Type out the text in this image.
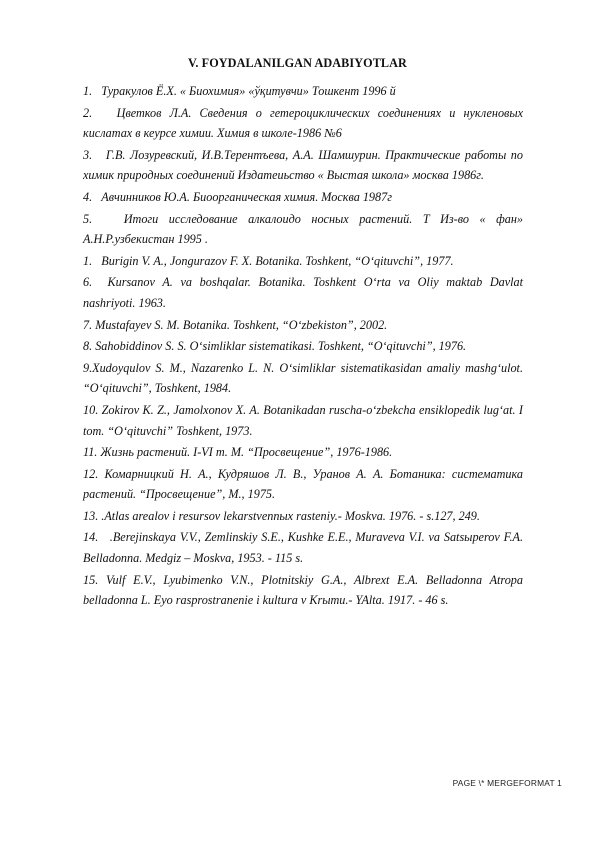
V. FOYDALANILGAN ADABIYOTLAR
1.   Туракулов Ё.Х. « Биохимия» «ўқитувчи» Тошкент 1996 й
2.   Цветков Л.А. Сведения о гетероциклических соединениях и нукленовых кислатах в кеурсе химии. Химия в школе-1986 №6
3.   Г.В. Лозуревский, И.В.Терентъева, А.А. Шамшурин. Практические работы по химик природных соединений Издатеиьство « Выстая школа» москва 1986г.
4.   Авчинников Ю.А. Биоорганическая химия. Москва 1987г
5.   Итоги исследование алкалоидо носных растений. Т Из-во « фан» А.Н.Р.узбекистан 1995 .
1.   Burigin V. A., Jongurazov F. X. Botanika. Toshkent, “O‘qituvchi”, 1977.
6.  Kursanov A. va boshqalar. Botanika. Toshkent O‘rta va Oliy maktab Davlat nashriyoti. 1963.
7. Mustafayev S. M. Botanika. Toshkent, “O‘zbekiston”, 2002.
8. Sahobiddinov S. S. O‘simliklar sistematikasi. Toshkent, “O‘qituvchi”, 1976.
9.Xudoyqulov S. M., Nazarenko L. N. O‘simliklar sistematikasidan amaliy mashg‘ulot. “O‘qituvchi”, Toshkent, 1984.
10. Zokirov K. Z., Jamolxonov X. A. Botanikadan ruscha-o‘zbekcha ensiklopedik lug‘at. I tom. “O‘qituvchi” Toshkent, 1973.
11. Жизнь растений. I-VI т. М. “Просвещение”, 1976-1986.
12. Комарницкий Н. А., Кудряшов Л. В., Уранов А. А. Ботаника: систематика растений. “Просвещение”, М., 1975.
13. .Atlas arealov i resursov lekarstvennыx rasteniy.- Moskva. 1976. - s.127, 249.
14.   .Berejinskaya V.V., Zemlinskiy S.E., Kushke E.E., Muraveva V.I. va Satsыperov F.A. Belladonna. Medgiz – Moskva, 1953. - 115 s.
15. Vulf E.V., Lyubimenko V.N., Plotnitskiy G.A., Albrext E.A. Belladonna Atropa belladonna L. Eyo rasprostranenie i kultura v Krыmu.- YAlta. 1917. - 46 s.
PAGE \* MERGEFORMAT 1
